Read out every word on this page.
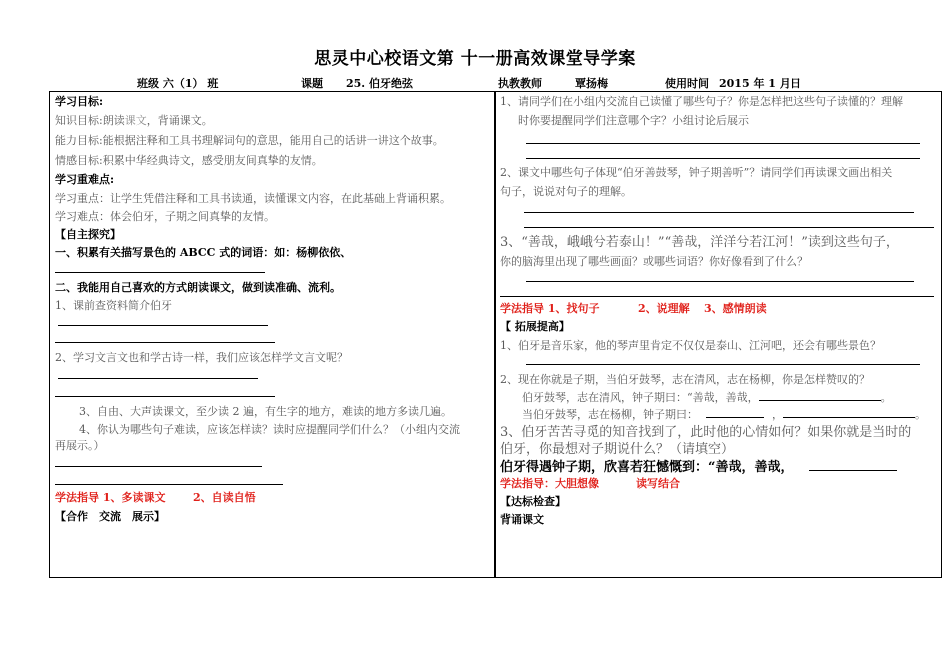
思灵中心校语文第 十一册高效课堂导学案
班级 六（1） 班	课题 25. 伯牙绝弦	执教教师	覃扬梅	使用时间 2015 年 1 月 日
学习目标:
知识目标:朗读课文，背诵课文。
能力目标:能根据注释和工具书理解词句的意思，能用自己的话讲一讲这个故事。
情感目标:积累中华经典诗文，感受朋友间真挚的友情。
学习重难点:
学习重点：让学生凭借注释和工具书读通，读懂课文内容，在此基础上背诵积累。
学习难点：体会伯牙，子期之间真挚的友情。
【自主探究】
一、积累有关描写景色的 ABCC 式的词语：如：杨柳依依、
二、我能用自己喜欢的方式朗读课文，做到读准确、流利。
1、课前查资料简介伯牙
2、学习文言文也和学古诗一样，我们应该怎样学文言文呢？
3、自由、大声读课文，至少读 2 遍，有生字的地方，难读的地方多读几遍。
4、你认为哪些句子难读，应该怎样读？读时应提醒同学们什么？（小组内交流
再展示。）
学法指导 1、多读课文	2、自读自悟
【合作　交流　展示】
1、请同学们在小组内交流自己读懂了哪些句子？你是怎样把这些句子读懂的？理解
时你要提醒同学们注意哪个字？小组讨论后展示
2、课文中哪些句子体现“伯牙善鼓琴，钟子期善听”？请同学们再读课文画出相关
句子，说说对句子的理解。
3、“善哉，峨峨兮若泰山！”“善哉，洋洋兮若江河！”读到这些句子，
你的脑海里出现了哪些画面？或哪些词语？你好像看到了什么？
学法指导 1、找句子	2、说理解 3、感情朗读
【 拓展提高】
1、伯牙是音乐家，他的琴声里肯定不仅仅是泰山、江河吧，还会有哪些景色？
2、现在你就是子期，当伯牙鼓琴，志在清风，志在杨柳，你是怎样赞叹的？
伯牙鼓琴，志在清风，钟子期曰：“善哉，善哉，	。
当伯牙鼓琴，志在杨柳，钟子期曰：	，	。
3、伯牙苦苦寻觅的知音找到了，此时他的心情如何？如果你就是当时的
伯牙，你最想对子期说什么？（请填空）
伯牙得遇钟子期，欣喜若狂憾慨到：“善哉，善哉，
学法指导：大胆想像	读写结合
【达标检查】
背诵课文
